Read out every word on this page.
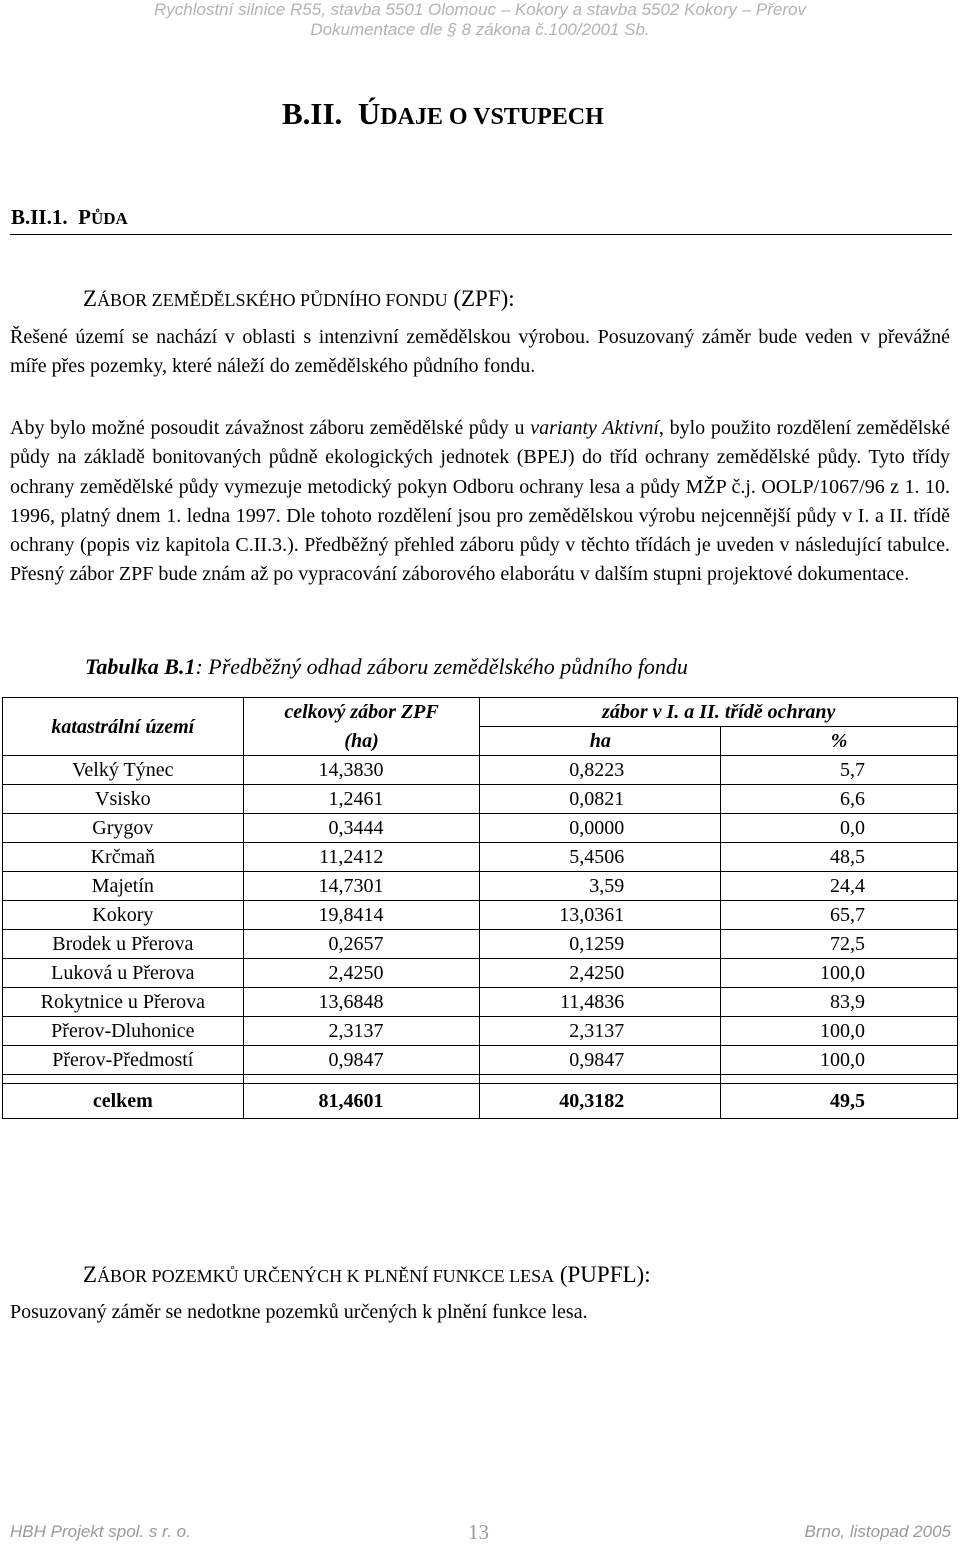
Rychlostní silnice R55, stavba 5501 Olomouc – Kokory a stavba 5502 Kokory – Přerov
Dokumentace dle § 8 zákona č.100/2001 Sb.
B.II. ÚDAJE O VSTUPECH
B.II.1. PŮDA
ZÁBOR ZEMĚDĚLSKÉHO PŮDNÍHO FONDU (ZPF):
Řešené území se nachází v oblasti s intenzivní zemědělskou výrobou. Posuzovaný záměr bude veden v převážné míře přes pozemky, které náleží do zemědělského půdního fondu.
Aby bylo možné posoudit závažnost záboru zemědělské půdy u varianty Aktivní, bylo použito rozdělení zemědělské půdy na základě bonitovaných půdně ekologických jednotek (BPEJ) do tříd ochrany zemědělské půdy. Tyto třídy ochrany zemědělské půdy vymezuje metodický pokyn Odboru ochrany lesa a půdy MŽP č.j. OOLP/1067/96 z 1. 10. 1996, platný dnem 1. ledna 1997. Dle tohoto rozdělení jsou pro zemědělskou výrobu nejcennější půdy v I. a II. třídě ochrany (popis viz kapitola C.II.3.). Předběžný přehled záboru půdy v těchto třídách je uveden v následující tabulce. Přesný zábor ZPF bude znám až po vypracování záborového elaborátu v dalším stupni projektové dokumentace.
Tabulka B.1: Předběžný odhad záboru zemědělského půdního fondu
katastrální území	celkový zábor ZPF	zábor v I. a II. třídě ochrany	
	(ha)	ha	%
Velký Týnec	14,3830	0,8223	5,7
Vsisko	1,2461	0,0821	6,6
Grygov	0,3444	0,0000	0,0
Krčmaň	11,2412	5,4506	48,5
Majetín	14,7301	3,59	24,4
Kokory	19,8414	13,0361	65,7
Brodek u Přerova	0,2657	0,1259	72,5
Luková u Přerova	2,4250	2,4250	100,0
Rokytnice u Přerova	13,6848	11,4836	83,9
Přerov-Dluhonice	2,3137	2,3137	100,0
Přerov-Předmostí	0,9847	0,9847	100,0

celkem	81,4601	40,3182	49,5
ZÁBOR POZEMKŮ URČENÝCH K PLNĚNÍ FUNKCE LESA (PUPFL):
Posuzovaný záměr se nedotkne pozemků určených k plnění funkce lesa.
HBH Projekt spol. s r. o.	13	Brno, listopad 2005
